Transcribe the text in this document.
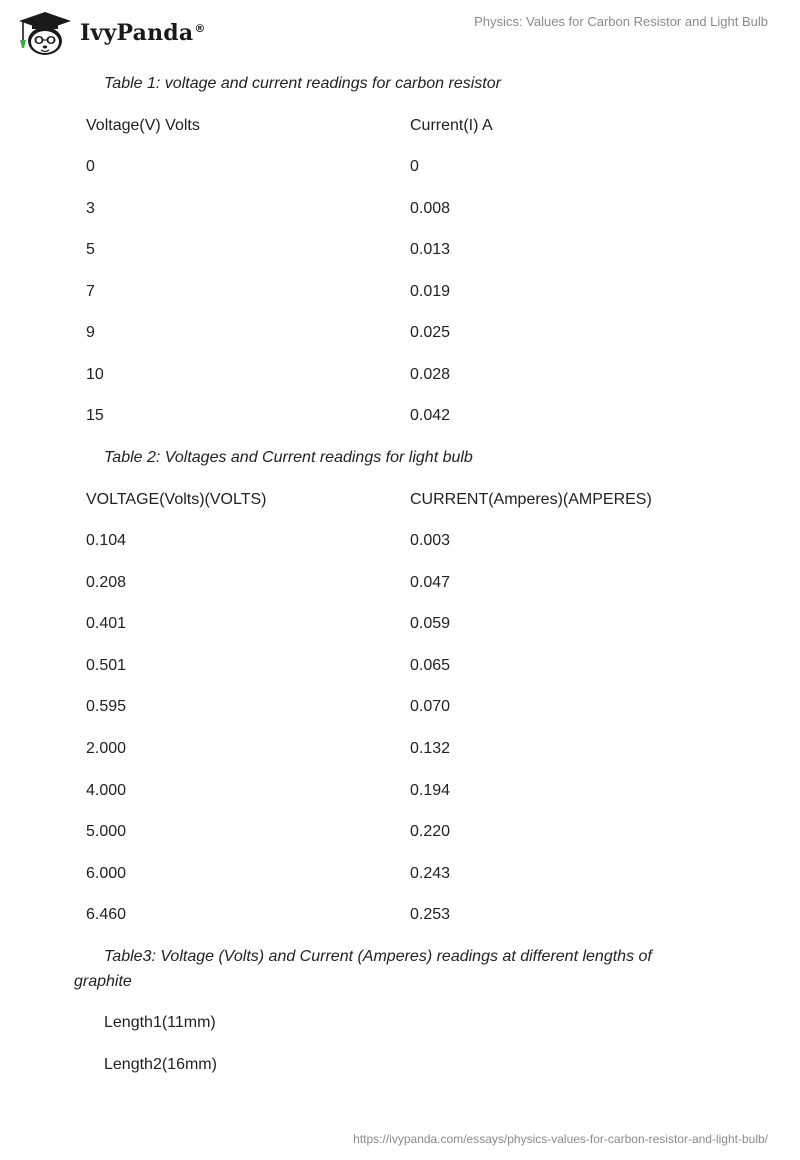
IvyPanda®	Physics: Values for Carbon Resistor and Light Bulb
Table 1: voltage and current readings for carbon resistor
Voltage(V) Volts	Current(I) A
0	0
3	0.008
5	0.013
7	0.019
9	0.025
10	0.028
15	0.042
Table 2: Voltages and Current readings for light bulb
VOLTAGE(Volts)(VOLTS)	CURRENT(Amperes)(AMPERES)
0.104	0.003
0.208	0.047
0.401	0.059
0.501	0.065
0.595	0.070
2.000	0.132
4.000	0.194
5.000	0.220
6.000	0.243
6.460	0.253
Table3: Voltage (Volts) and Current (Amperes) readings at different lengths of
graphite
Length1(11mm)
Length2(16mm)
https://ivypanda.com/essays/physics-values-for-carbon-resistor-and-light-bulb/
